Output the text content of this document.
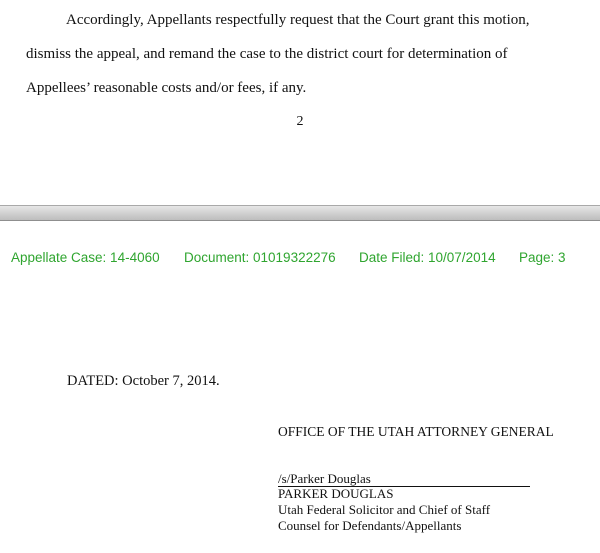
Accordingly, Appellants respectfully request that the Court grant this motion,
dismiss the appeal, and remand the case to the district court for determination of
Appellees’ reasonable costs and/or fees, if any.
2
Appellate Case: 14-4060 Document: 01019322276 Date Filed: 10/07/2014 Page: 3
DATED: October 7, 2014.
OFFICE OF THE UTAH ATTORNEY GENERAL
/s/Parker Douglas
PARKER DOUGLAS
Utah Federal Solicitor and Chief of Staff
Counsel for Defendants/Appellants
